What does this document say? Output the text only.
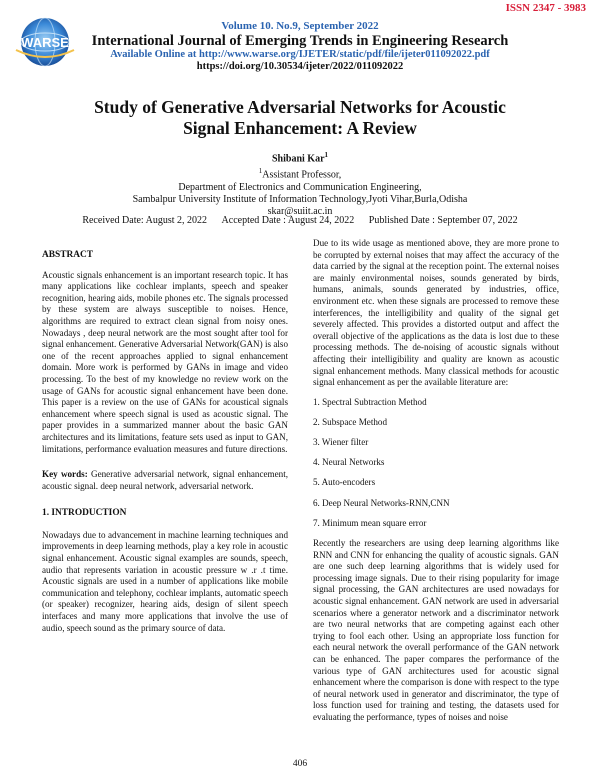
ISSN 2347 - 3983
WARSE
Volume 10. No.9, September 2022
International Journal of Emerging Trends in Engineering Research
Available Online at http://www.warse.org/IJETER/static/pdf/file/ijeter011092022.pdf
https://doi.org/10.30534/ijeter/2022/011092022
Study of Generative Adversarial Networks for Acoustic
Signal Enhancement: A Review
Shibani Kar$^1$
$^1$Assistant Professor,
Department of Electronics and Communication Engineering,
Sambalpur University Institute of Information Technology,Jyoti Vihar,Burla,Odisha
skar@suiit.ac.in
Received Date: August 2, 2022 Accepted Date : August 24, 2022 Published Date : September 07, 2022
ABSTRACT
Acoustic signals enhancement is an important research topic. It has many applications like cochlear implants, speech and speaker recognition, hearing aids, mobile phones etc. The signals processed by these system are always susceptible to noises. Hence, algorithms are required to extract clean signal from noisy ones. Nowadays , deep neural network are the most sought after tool for signal enhancement. Generative Adversarial Network(GAN) is also one of the recent approaches applied to signal enhancement domain. More work is performed by GANs in image and video processing. To the best of my knowledge no review work on the usage of GANs for acoustic signal enhancement have been done. This paper is a review on the use of GANs for acoustical signals enhancement where speech signal is used as acoustic signal. The paper provides in a summarized manner about the basic GAN architectures and its limitations, feature sets used as input to GAN, limitations, performance evaluation measures and future directions.
Key words: Generative adversarial network, signal enhancement, acoustic signal. deep neural network, adversarial network.
1. INTRODUCTION
Nowadays due to advancement in machine learning techniques and improvements in deep learning methods, play a key role in acoustic signal enhancement. Acoustic signal examples are sounds, speech, audio that represents variation in acoustic pressure w .r .t time. Acoustic signals are used in a number of applications like mobile communication and telephony, cochlear implants, automatic speech (or speaker) recognizer, hearing aids, design of silent speech interfaces and many more applications that involve the use of audio, speech sound as the primary source of data.
Due to its wide usage as mentioned above, they are more prone to be corrupted by external noises that may affect the accuracy of the data carried by the signal at the reception point. The external noises are mainly environmental noises, sounds generated by birds, humans, animals, sounds generated by industries, office, environment etc. when these signals are processed to remove these interferences, the intelligibility and quality of the signal get severely affected. This provides a distorted output and affect the overall objective of the applications as the data is lost due to these processing methods. The de-noising of acoustic signals without affecting their intelligibility and quality are known as acoustic signal enhancement methods. Many classical methods for acoustic signal enhancement as per the available literature are:
1. Spectral Subtraction Method
2. Subspace Method
3. Wiener filter
4. Neural Networks
5. Auto-encoders
6. Deep Neural Networks-RNN,CNN
7. Minimum mean square error
Recently the researchers are using deep learning algorithms like RNN and CNN for enhancing the quality of acoustic signals. GAN are one such deep learning algorithms that is widely used for processing image signals. Due to their rising popularity for image signal processing, the GAN architectures are used nowadays for acoustic signal enhancement. GAN network are used in adversarial scenarios where a generator network and a discriminator network are two neural networks that are competing against each other trying to fool each other. Using an appropriate loss function for each neural network the overall performance of the GAN network can be enhanced. The paper compares the performance of the various type of GAN architectures used for acoustic signal enhancement where the comparison is done with respect to the type of neural network used in generator and discriminator, the type of loss function used for training and testing, the datasets used for evaluating the performance, types of noises and noise
406
